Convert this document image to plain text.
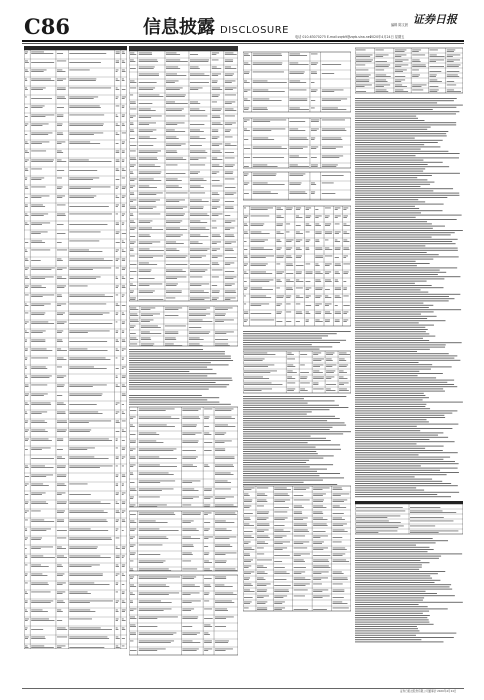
C86	信息披露 DISCLOSURE	编辑 陈文晨
电话 010-63070275 E-mail:zqrb9@zqrb.sina.net 2020年4月24日 星期五
证券日报
证券日报社股份有限公司董事会 2020年4月24日
